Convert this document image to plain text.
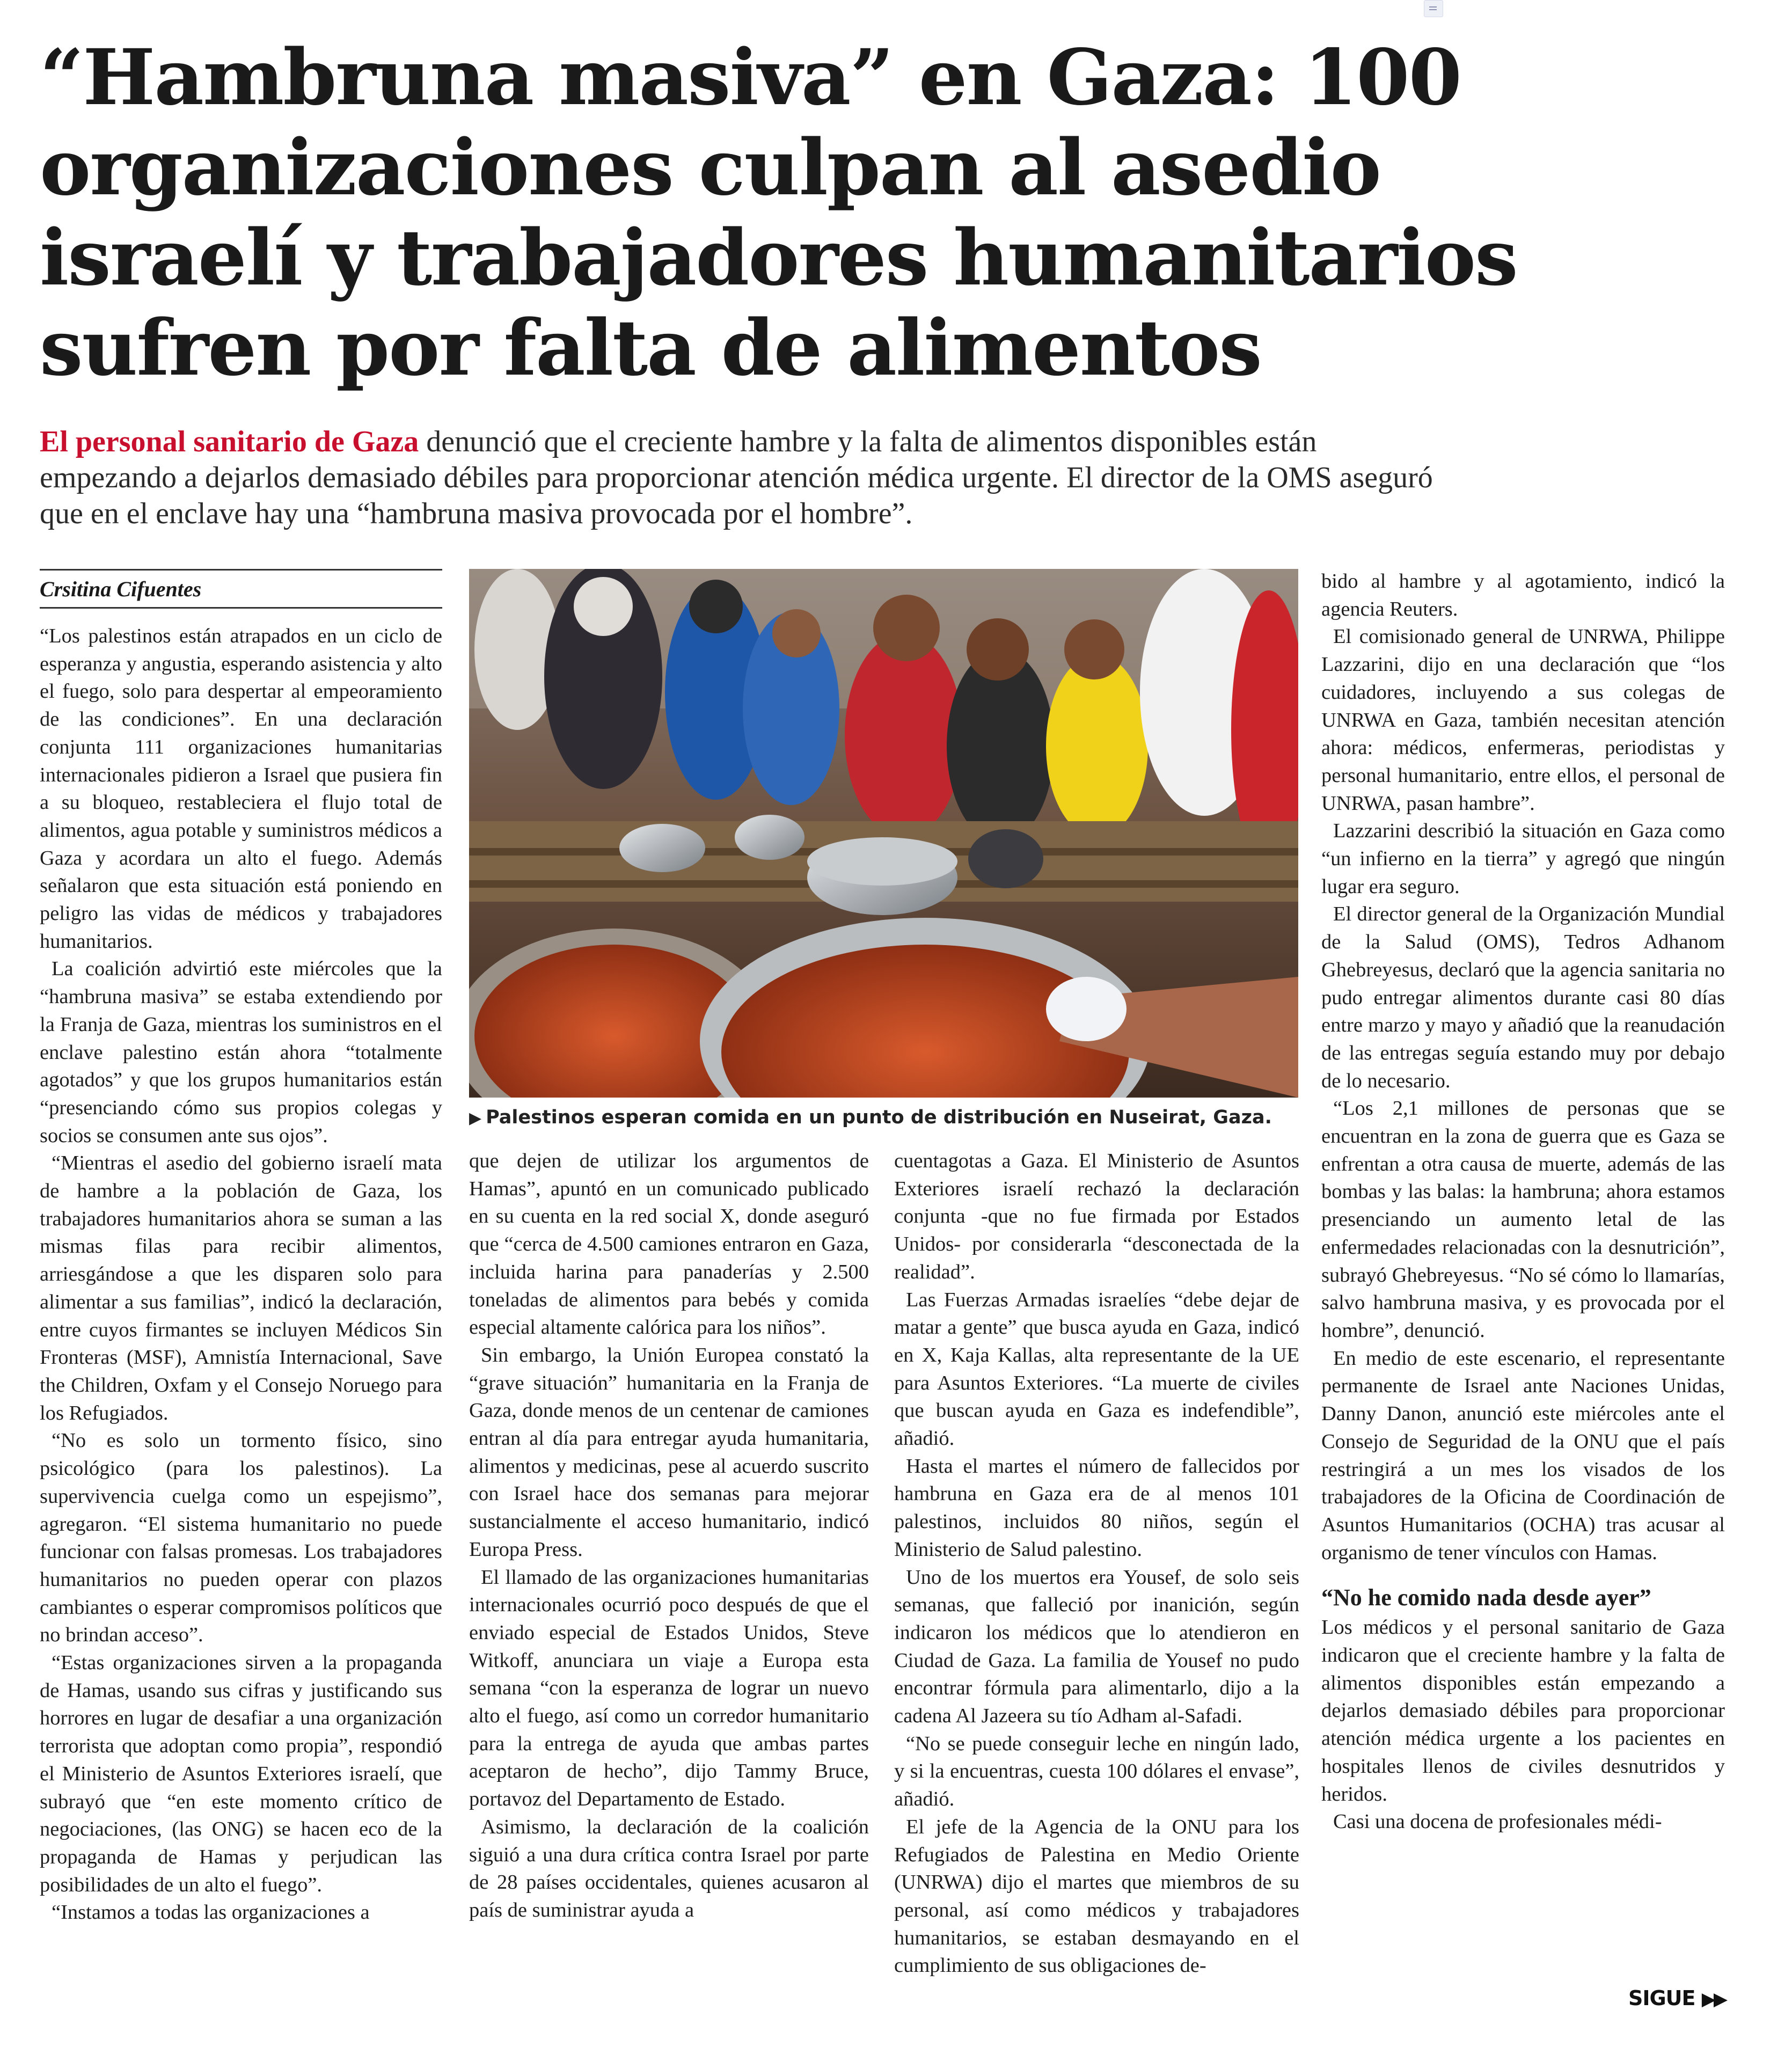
“Hambruna masiva” en Gaza: 100 organizaciones culpan al asedio israelí y trabajadores humanitarios sufren por falta de alimentos

El personal sanitario de Gaza denunció que el creciente hambre y la falta de alimentos disponibles están empezando a dejarlos demasiado débiles para proporcionar atención médica urgente. El director de la OMS aseguró que en el enclave hay una “hambruna masiva provocada por el hombre”.

Crsitina Cifuentes

“Los palestinos están atrapados en un ciclo de esperanza y angustia, esperando asistencia y alto el fuego, solo para despertar al empeoramiento de las condiciones”. En una declaración conjunta 111 organizaciones humanitarias internacionales pidieron a Israel que pusiera fin a su bloqueo, restableciera el flujo total de alimentos, agua potable y suministros médicos a Gaza y acordara un alto el fuego. Además señalaron que esta situación está poniendo en peligro las vidas de médicos y trabajadores humanitarios.

La coalición advirtió este miércoles que la “hambruna masiva” se estaba extendiendo por la Franja de Gaza, mientras los suministros en el enclave palestino están ahora “totalmente agotados” y que los grupos humanitarios están “presenciando cómo sus propios colegas y socios se consumen ante sus ojos”.

“Mientras el asedio del gobierno israelí mata de hambre a la población de Gaza, los trabajadores humanitarios ahora se suman a las mismas filas para recibir alimentos, arriesgándose a que les disparen solo para alimentar a sus familias”, indicó la declaración, entre cuyos firmantes se incluyen Médicos Sin Fronteras (MSF), Amnistía Internacional, Save the Children, Oxfam y el Consejo Noruego para los Refugiados.

“No es solo un tormento físico, sino psicológico (para los palestinos). La supervivencia cuelga como un espejismo”, agregaron. “El sistema humanitario no puede funcionar con falsas promesas. Los trabajadores humanitarios no pueden operar con plazos cambiantes o esperar compromisos políticos que no brindan acceso”.

“Estas organizaciones sirven a la propaganda de Hamas, usando sus cifras y justificando sus horrores en lugar de desafiar a una organización terrorista que adoptan como propia”, respondió el Ministerio de Asuntos Exteriores israelí, que subrayó que “en este momento crítico de negociaciones, (las ONG) se hacen eco de la propaganda de Hamas y perjudican las posibilidades de un alto el fuego”.

“Instamos a todas las organizaciones a

▶ Palestinos esperan comida en un punto de distribución en Nuseirat, Gaza.

que dejen de utilizar los argumentos de Hamas”, apuntó en un comunicado publicado en su cuenta en la red social X, donde aseguró que “cerca de 4.500 camiones entraron en Gaza, incluida harina para panaderías y 2.500 toneladas de alimentos para bebés y comida especial altamente calórica para los niños”.

Sin embargo, la Unión Europea constató la “grave situación” humanitaria en la Franja de Gaza, donde menos de un centenar de camiones entran al día para entregar ayuda humanitaria, alimentos y medicinas, pese al acuerdo suscrito con Israel hace dos semanas para mejorar sustancialmente el acceso humanitario, indicó Europa Press.

El llamado de las organizaciones humanitarias internacionales ocurrió poco después de que el enviado especial de Estados Unidos, Steve Witkoff, anunciara un viaje a Europa esta semana “con la esperanza de lograr un nuevo alto el fuego, así como un corredor humanitario para la entrega de ayuda que ambas partes aceptaron de hecho”, dijo Tammy Bruce, portavoz del Departamento de Estado.

Asimismo, la declaración de la coalición siguió a una dura crítica contra Israel por parte de 28 países occidentales, quienes acusaron al país de suministrar ayuda a

cuentagotas a Gaza. El Ministerio de Asuntos Exteriores israelí rechazó la declaración conjunta -que no fue firmada por Estados Unidos- por considerarla “desconectada de la realidad”.

Las Fuerzas Armadas israelíes “debe dejar de matar a gente” que busca ayuda en Gaza, indicó en X, Kaja Kallas, alta representante de la UE para Asuntos Exteriores. “La muerte de civiles que buscan ayuda en Gaza es indefendible”, añadió.

Hasta el martes el número de fallecidos por hambruna en Gaza era de al menos 101 palestinos, incluidos 80 niños, según el Ministerio de Salud palestino.

Uno de los muertos era Yousef, de solo seis semanas, que falleció por inanición, según indicaron los médicos que lo atendieron en Ciudad de Gaza. La familia de Yousef no pudo encontrar fórmula para alimentarlo, dijo a la cadena Al Jazeera su tío Adham al-Safadi.

“No se puede conseguir leche en ningún lado, y si la encuentras, cuesta 100 dólares el envase”, añadió.

El jefe de la Agencia de la ONU para los Refugiados de Palestina en Medio Oriente (UNRWA) dijo el martes que miembros de su personal, así como médicos y trabajadores humanitarios, se estaban desmayando en el cumplimiento de sus obligaciones de-

bido al hambre y al agotamiento, indicó la agencia Reuters.

El comisionado general de UNRWA, Philippe Lazzarini, dijo en una declaración que “los cuidadores, incluyendo a sus colegas de UNRWA en Gaza, también necesitan atención ahora: médicos, enfermeras, periodistas y personal humanitario, entre ellos, el personal de UNRWA, pasan hambre”.

Lazzarini describió la situación en Gaza como “un infierno en la tierra” y agregó que ningún lugar era seguro.

El director general de la Organización Mundial de la Salud (OMS), Tedros Adhanom Ghebreyesus, declaró que la agencia sanitaria no pudo entregar alimentos durante casi 80 días entre marzo y mayo y añadió que la reanudación de las entregas seguía estando muy por debajo de lo necesario.

“Los 2,1 millones de personas que se encuentran en la zona de guerra que es Gaza se enfrentan a otra causa de muerte, además de las bombas y las balas: la hambruna; ahora estamos presenciando un aumento letal de las enfermedades relacionadas con la desnutrición”, subrayó Ghebreyesus. “No sé cómo lo llamarías, salvo hambruna masiva, y es provocada por el hombre”, denunció.

En medio de este escenario, el representante permanente de Israel ante Naciones Unidas, Danny Danon, anunció este miércoles ante el Consejo de Seguridad de la ONU que el país restringirá a un mes los visados de los trabajadores de la Oficina de Coordinación de Asuntos Humanitarios (OCHA) tras acusar al organismo de tener vínculos con Hamas.

“No he comido nada desde ayer”

Los médicos y el personal sanitario de Gaza indicaron que el creciente hambre y la falta de alimentos disponibles están empezando a dejarlos demasiado débiles para proporcionar atención médica urgente a los pacientes en hospitales llenos de civiles desnutridos y heridos.

Casi una docena de profesionales médi-

SIGUE ▶▶
